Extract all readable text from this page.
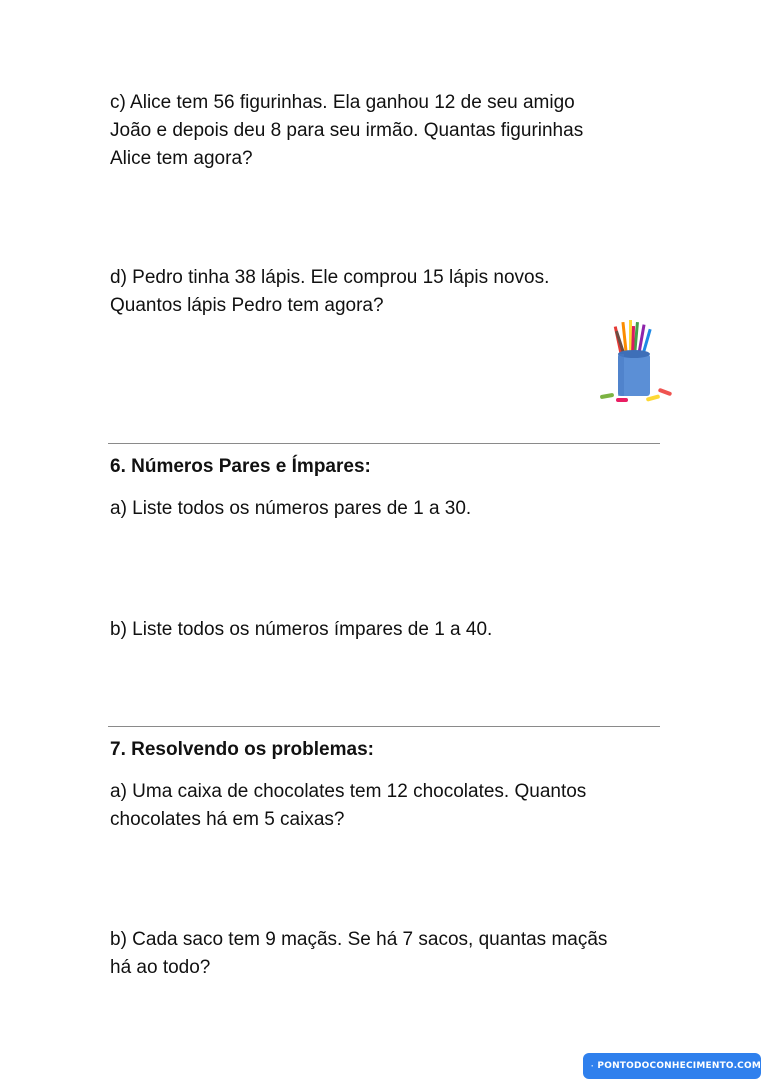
c) Alice tem 56 figurinhas. Ela ganhou 12 de seu amigo
João e depois deu 8 para seu irmão. Quantas figurinhas
Alice tem agora?

d) Pedro tinha 38 lápis. Ele comprou 15 lápis novos.
Quantos lápis Pedro tem agora?

6. Números Pares e Ímpares:

a) Liste todos os números pares de 1 a 30.

b) Liste todos os números ímpares de 1 a 40.

7. Resolvendo os problemas:

a) Uma caixa de chocolates tem 12 chocolates. Quantos
chocolates há em 5 caixas?

b) Cada saco tem 9 maçãs. Se há 7 sacos, quantas maçãs
há ao todo?

PONTODOCONHECIMENTO.COM
